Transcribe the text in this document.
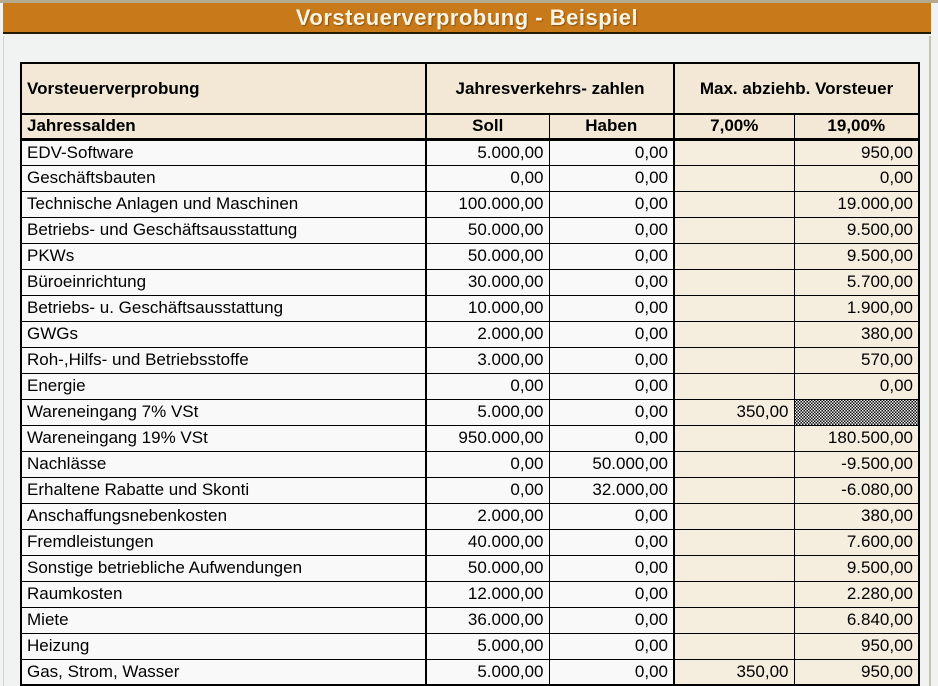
Vorsteuerverprobung - Beispiel
Vorsteuerverprobung	Jahresverkehrs- zahlen		Max. abziehb. Vorsteuer	
Jahressalden	Soll	Haben	7,00%	19,00%
EDV-Software	5.000,00	0,00		950,00
Geschäftsbauten	0,00	0,00		0,00
Technische Anlagen und Maschinen	100.000,00	0,00		19.000,00
Betriebs- und Geschäftsausstattung	50.000,00	0,00		9.500,00
PKWs	50.000,00	0,00		9.500,00
Büroeinrichtung	30.000,00	0,00		5.700,00
Betriebs- u. Geschäftsausstattung	10.000,00	0,00		1.900,00
GWGs	2.000,00	0,00		380,00
Roh-,Hilfs- und Betriebsstoffe	3.000,00	0,00		570,00
Energie	0,00	0,00		0,00
Wareneingang 7% VSt	5.000,00	0,00	350,00	
Wareneingang 19% VSt	950.000,00	0,00		180.500,00
Nachlässe	0,00	50.000,00		-9.500,00
Erhaltene Rabatte und Skonti	0,00	32.000,00		-6.080,00
Anschaffungsnebenkosten	2.000,00	0,00		380,00
Fremdleistungen	40.000,00	0,00		7.600,00
Sonstige betriebliche Aufwendungen	50.000,00	0,00		9.500,00
Raumkosten	12.000,00	0,00		2.280,00
Miete	36.000,00	0,00		6.840,00
Heizung	5.000,00	0,00		950,00
Gas, Strom, Wasser	5.000,00	0,00	350,00	950,00
